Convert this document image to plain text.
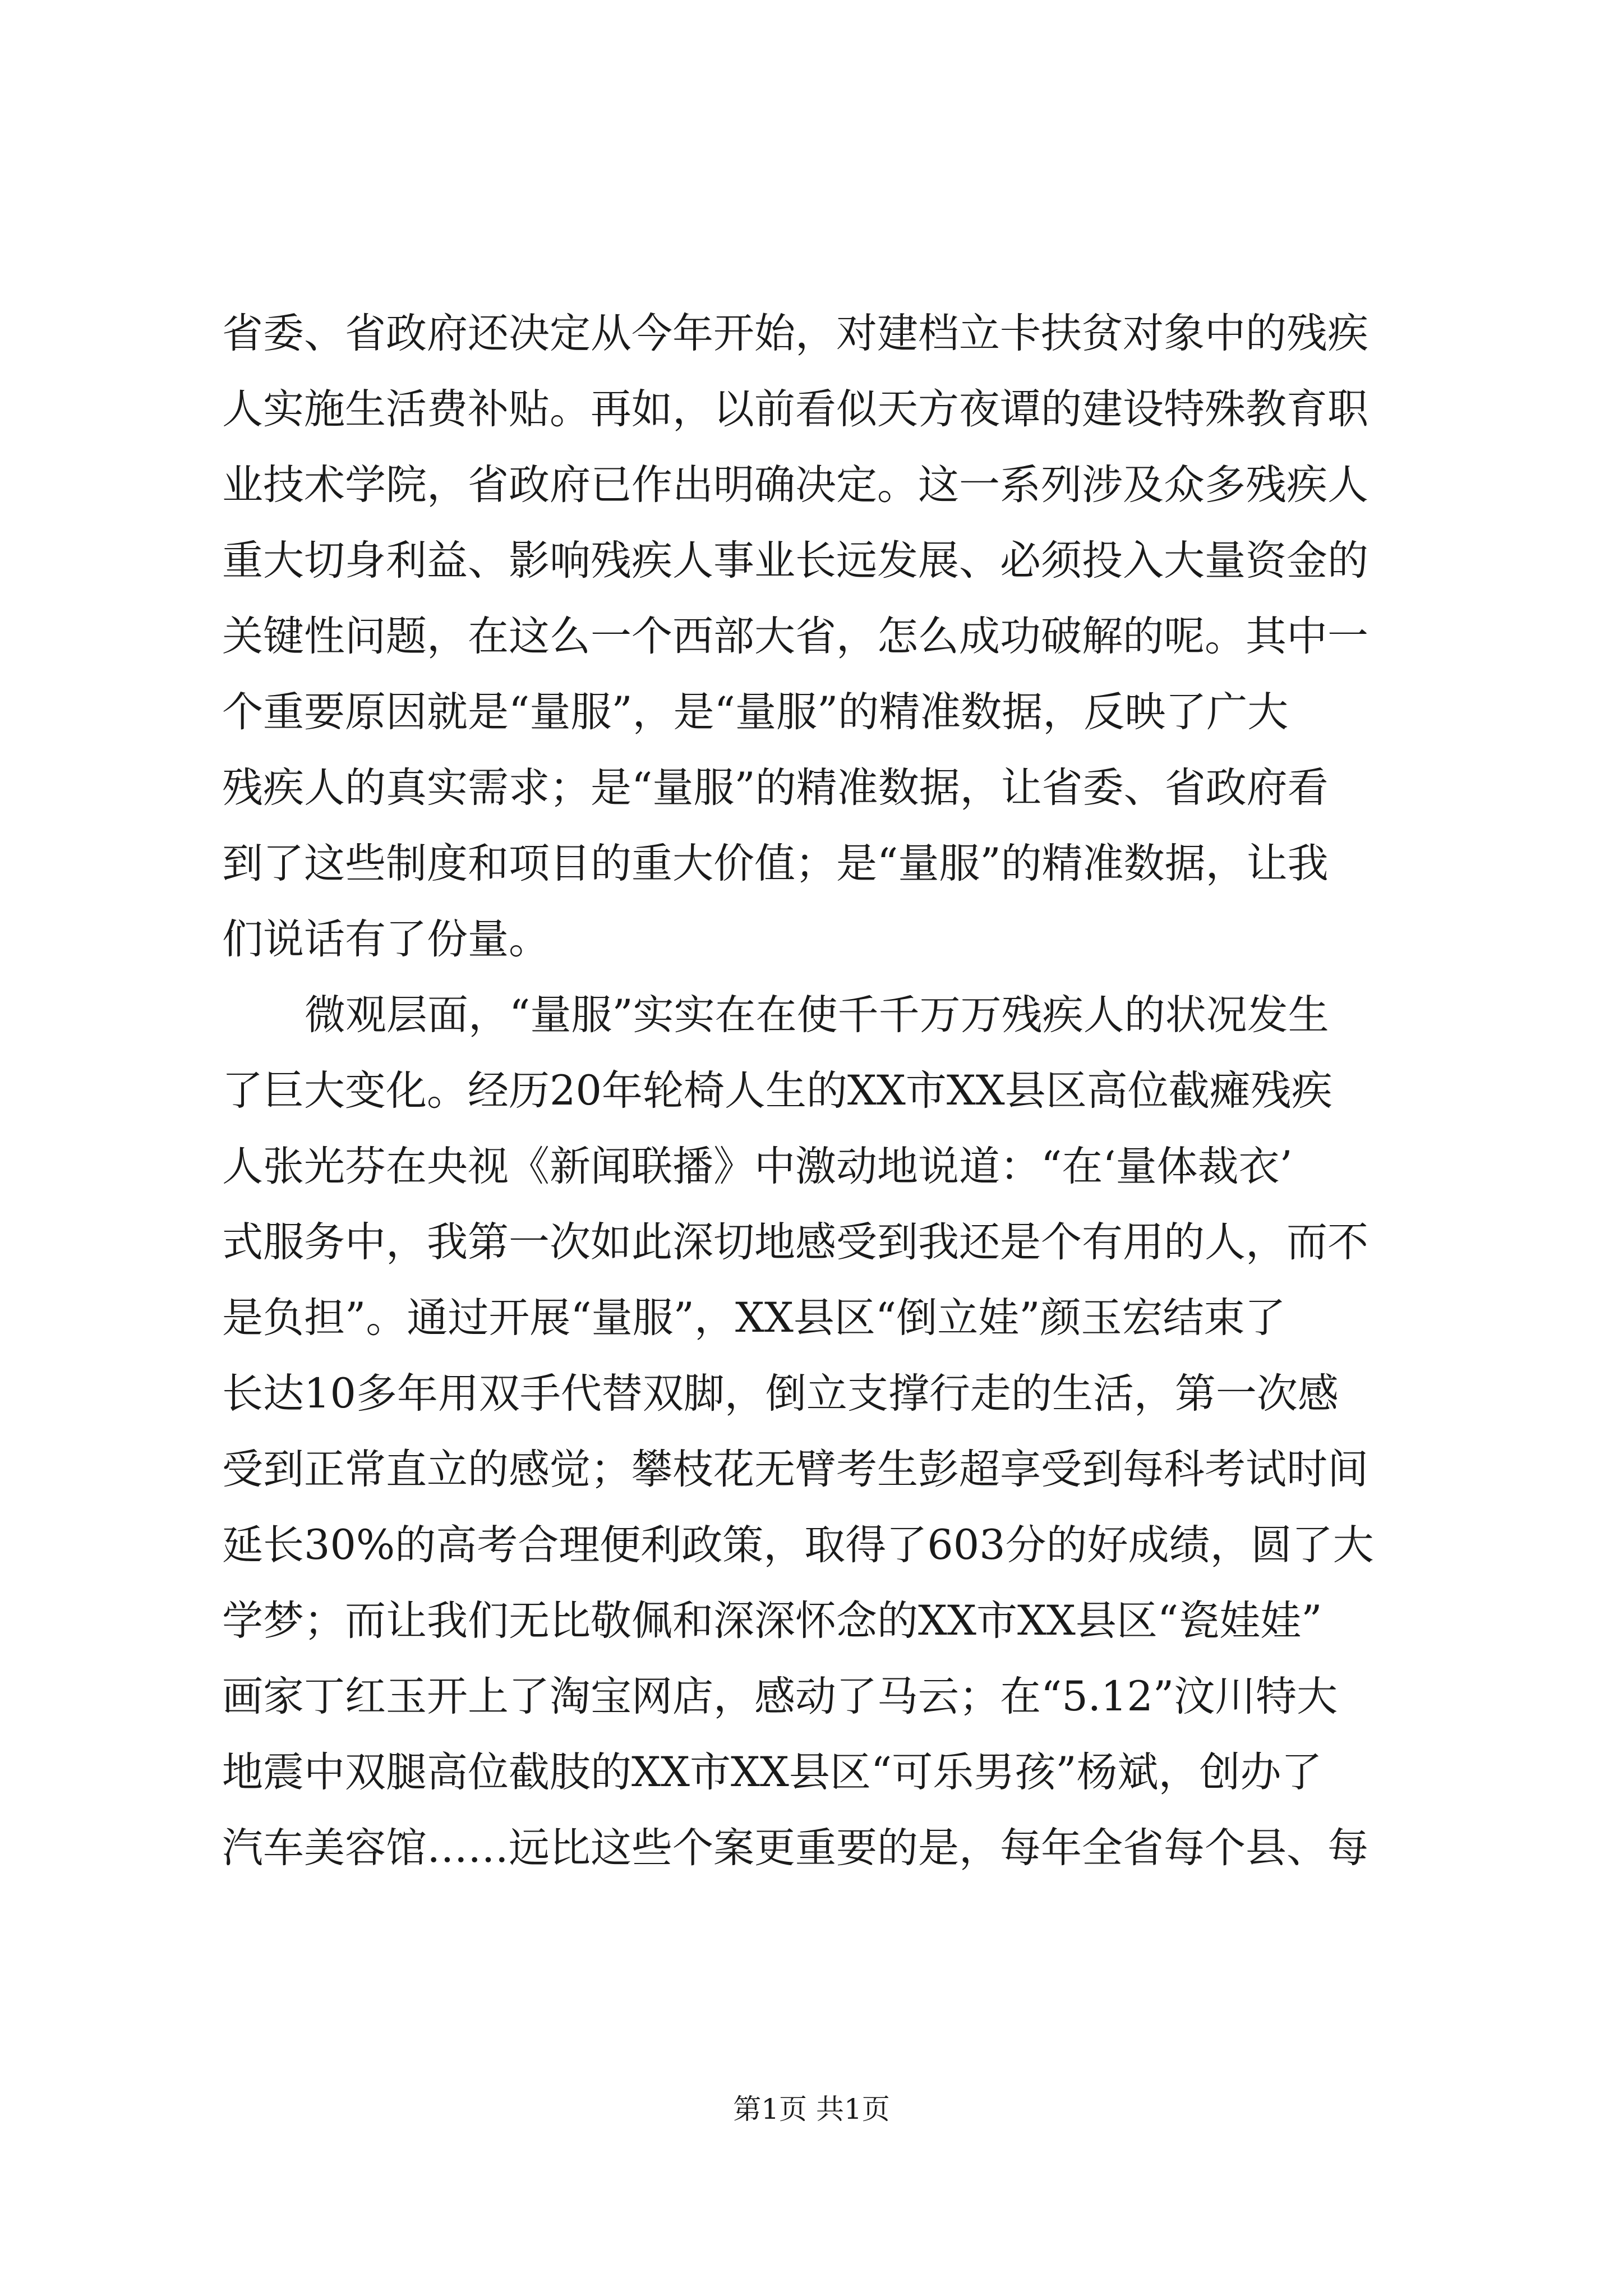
省委、省政府还决定从今年开始，对建档立卡扶贫对象中的残疾
人实施生活费补贴。再如，以前看似天方夜谭的建设特殊教育职
业技术学院，省政府已作出明确决定。这一系列涉及众多残疾人
重大切身利益、影响残疾人事业长远发展、必须投入大量资金的
关键性问题，在这么一个西部大省，怎么成功破解的呢。其中一
个重要原因就是“量服”，是“量服”的精准数据，反映了广大
残疾人的真实需求；是“量服”的精准数据，让省委、省政府看
到了这些制度和项目的重大价值；是“量服”的精准数据，让我
们说话有了份量。
微观层面，“量服”实实在在使千千万万残疾人的状况发生
了巨大变化。经历20年轮椅人生的XX市XX县区高位截瘫残疾
人张光芬在央视《新闻联播》中激动地说道：“在‘量体裁衣’
式服务中，我第一次如此深切地感受到我还是个有用的人，而不
是负担”。通过开展“量服”，XX县区“倒立娃”颜玉宏结束了
长达10多年用双手代替双脚，倒立支撑行走的生活，第一次感
受到正常直立的感觉；攀枝花无臂考生彭超享受到每科考试时间
延长30%的高考合理便利政策，取得了603分的好成绩，圆了大
学梦；而让我们无比敬佩和深深怀念的XX市XX县区“瓷娃娃”
画家丁红玉开上了淘宝网店，感动了马云；在“5.12”汶川特大
地震中双腿高位截肢的XX市XX县区“可乐男孩”杨斌，创办了
汽车美容馆……远比这些个案更重要的是，每年全省每个县、每
第1页 共1页
